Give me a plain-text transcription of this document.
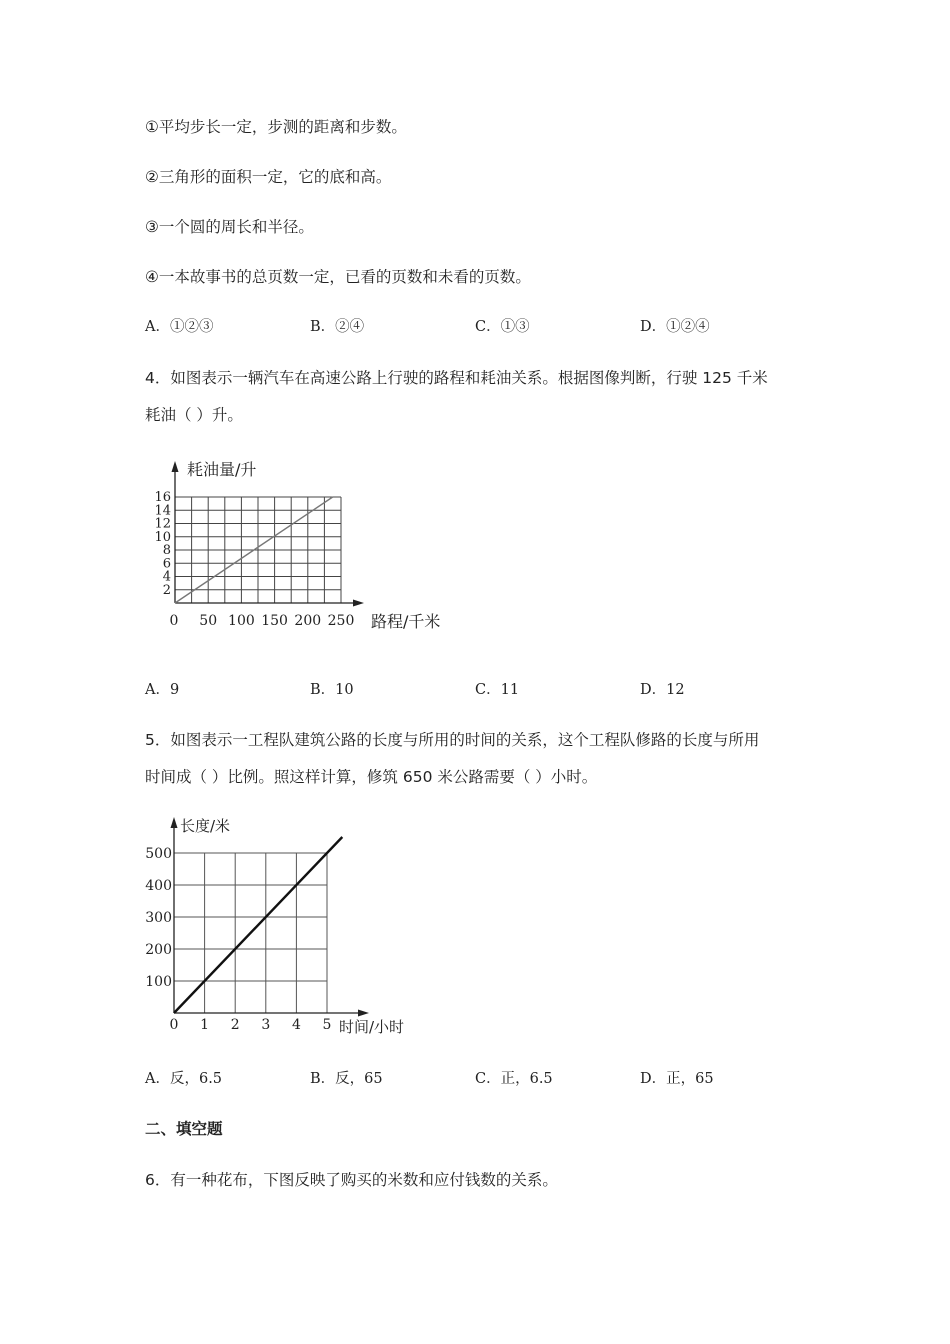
①平均步长一定，步测的距离和步数。
②三角形的面积一定，它的底和高。
③一个圆的周长和半径。
④一本故事书的总页数一定，已看的页数和未看的页数。
A．①②③	B．②④	C．①③	D．①②④
4．如图表示一辆汽车在高速公路上行驶的路程和耗油关系。根据图像判断，行驶 125 千米
耗油（ ）升。
2
4
6
8
10
12
14
16
50 100 150 200 250
0
耗油量/升
路程/千米
A．9	B．10	C．11	D．12
5．如图表示一工程队建筑公路的长度与所用的时间的关系，这个工程队修路的长度与所用
时间成（ ）比例。照这样计算，修筑 650 米公路需要（ ）小时。
100
200
300
400
500
1 2 3 4 5
0
长度/米
时间/小时
A．反，6.5	B．反，65	C．正，6.5	D．正，65
二、填空题
6．有一种花布，下图反映了购买的米数和应付钱数的关系。
